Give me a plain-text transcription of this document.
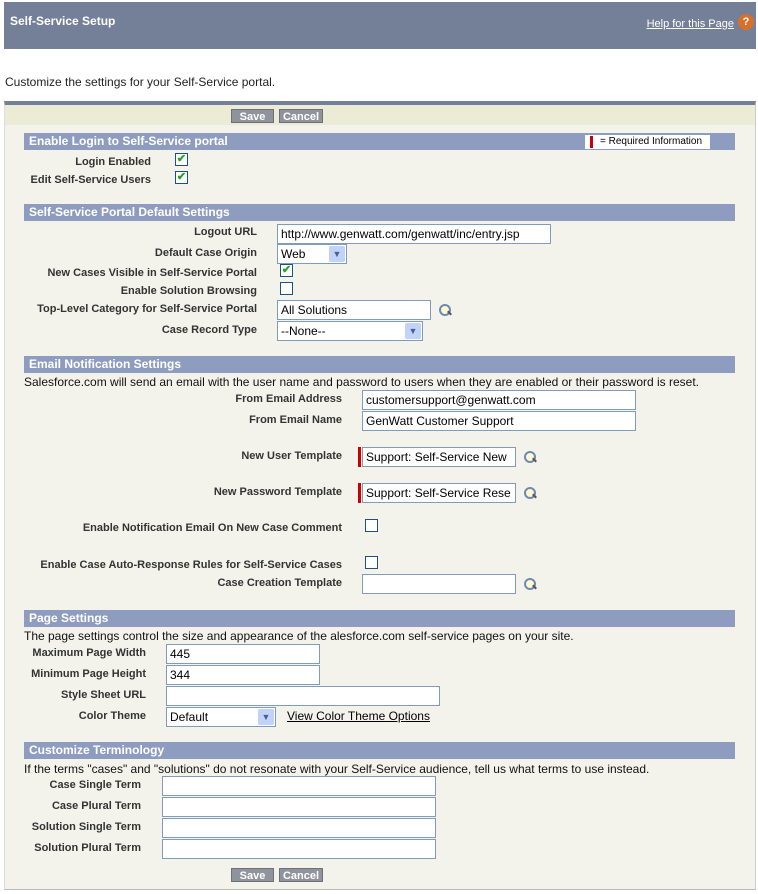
Self-Service Setup	Help for this Page ?
Customize the settings for your Self-Service portal.
Save	Cancel
Enable Login to Self-Service portal	= Required Information
Login Enabled ✔
Edit Self-Service Users ✔
Self-Service Portal Default Settings
Logout URL	http://www.genwatt.com/genwatt/inc/entry.jsp
Default Case Origin	Web	▼
New Cases Visible in Self-Service Portal ✔
Enable Solution Browsing
Top-Level Category for Self-Service Portal	All Solutions
Case Record Type	--None--	▼
Email Notification Settings
Salesforce.com will send an email with the user name and password to users when they are enabled or their password is reset.
From Email Address	customersupport@genwatt.com
From Email Name	GenWatt Customer Support
New User Template	Support: Self-Service New
New Password Template	Support: Self-Service Rese
Enable Notification Email On New Case Comment
Enable Case Auto-Response Rules for Self-Service Cases
Case Creation Template
Page Settings
The page settings control the size and appearance of the alesforce.com self-service pages on your site.
Maximum Page Width	445
Minimum Page Height	344
Style Sheet URL
Color Theme	Default	▼ View Color Theme Options
Customize Terminology
If the terms "cases" and "solutions" do not resonate with your Self-Service audience, tell us what terms to use instead.
Case Single Term
Case Plural Term
Solution Single Term
Solution Plural Term
Save	Cancel
